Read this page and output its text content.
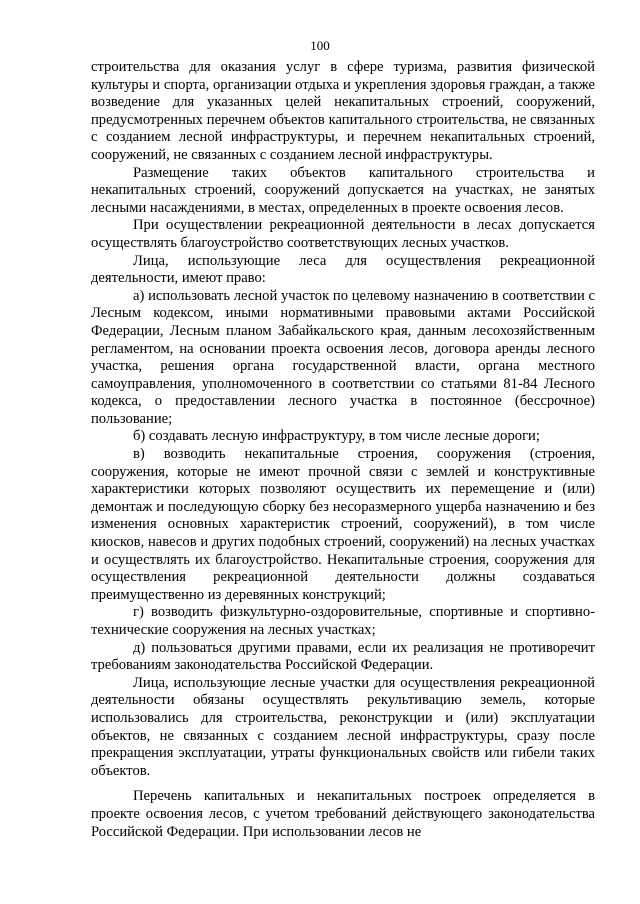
100

строительства для оказания услуг в сфере туризма, развития физической культуры и спорта, организации отдыха и укрепления здоровья граждан, а также возведение для указанных целей некапитальных строений, сооружений, предусмотренных перечнем объектов капитального строительства, не связанных с созданием лесной инфраструктуры, и перечнем некапитальных строений, сооружений, не связанных с созданием лесной инфраструктуры.

Размещение таких объектов капитального строительства и некапитальных строений, сооружений допускается на участках, не занятых лесными насаждениями, в местах, определенных в проекте освоения лесов.

При осуществлении рекреационной деятельности в лесах допускается осуществлять благоустройство соответствующих лесных участков.

Лица, использующие леса для осуществления рекреационной деятельности, имеют право:

а) использовать лесной участок по целевому назначению в соответствии с Лесным кодексом, иными нормативными правовыми актами Российской Федерации, Лесным планом Забайкальского края, данным лесохозяйственным регламентом, на основании проекта освоения лесов, договора аренды лесного участка, решения органа государственной власти, органа местного самоуправления, уполномоченного в соответствии со статьями 81-84 Лесного кодекса, о предоставлении лесного участка в постоянное (бессрочное) пользование;

б) создавать лесную инфраструктуру, в том числе лесные дороги;

в) возводить некапитальные строения, сооружения (строения, сооружения, которые не имеют прочной связи с землей и конструктивные характеристики которых позволяют осуществить их перемещение и (или) демонтаж и последующую сборку без несоразмерного ущерба назначению и без изменения основных характеристик строений, сооружений), в том числе киосков, навесов и других подобных строений, сооружений) на лесных участках и осуществлять их благоустройство. Некапитальные строения, сооружения для осуществления рекреационной деятельности должны создаваться преимущественно из деревянных конструкций;

г) возводить физкультурно-оздоровительные, спортивные и спортивно-технические сооружения на лесных участках;

д) пользоваться другими правами, если их реализация не противоречит требованиям законодательства Российской Федерации.

Лица, использующие лесные участки для осуществления рекреационной деятельности обязаны осуществлять рекультивацию земель, которые использовались для строительства, реконструкции и (или) эксплуатации объектов, не связанных с созданием лесной инфраструктуры, сразу после прекращения эксплуатации, утраты функциональных свойств или гибели таких объектов.

Перечень капитальных и некапитальных построек определяется в проекте освоения лесов, с учетом требований действующего законодательства Российской Федерации. При использовании лесов не
